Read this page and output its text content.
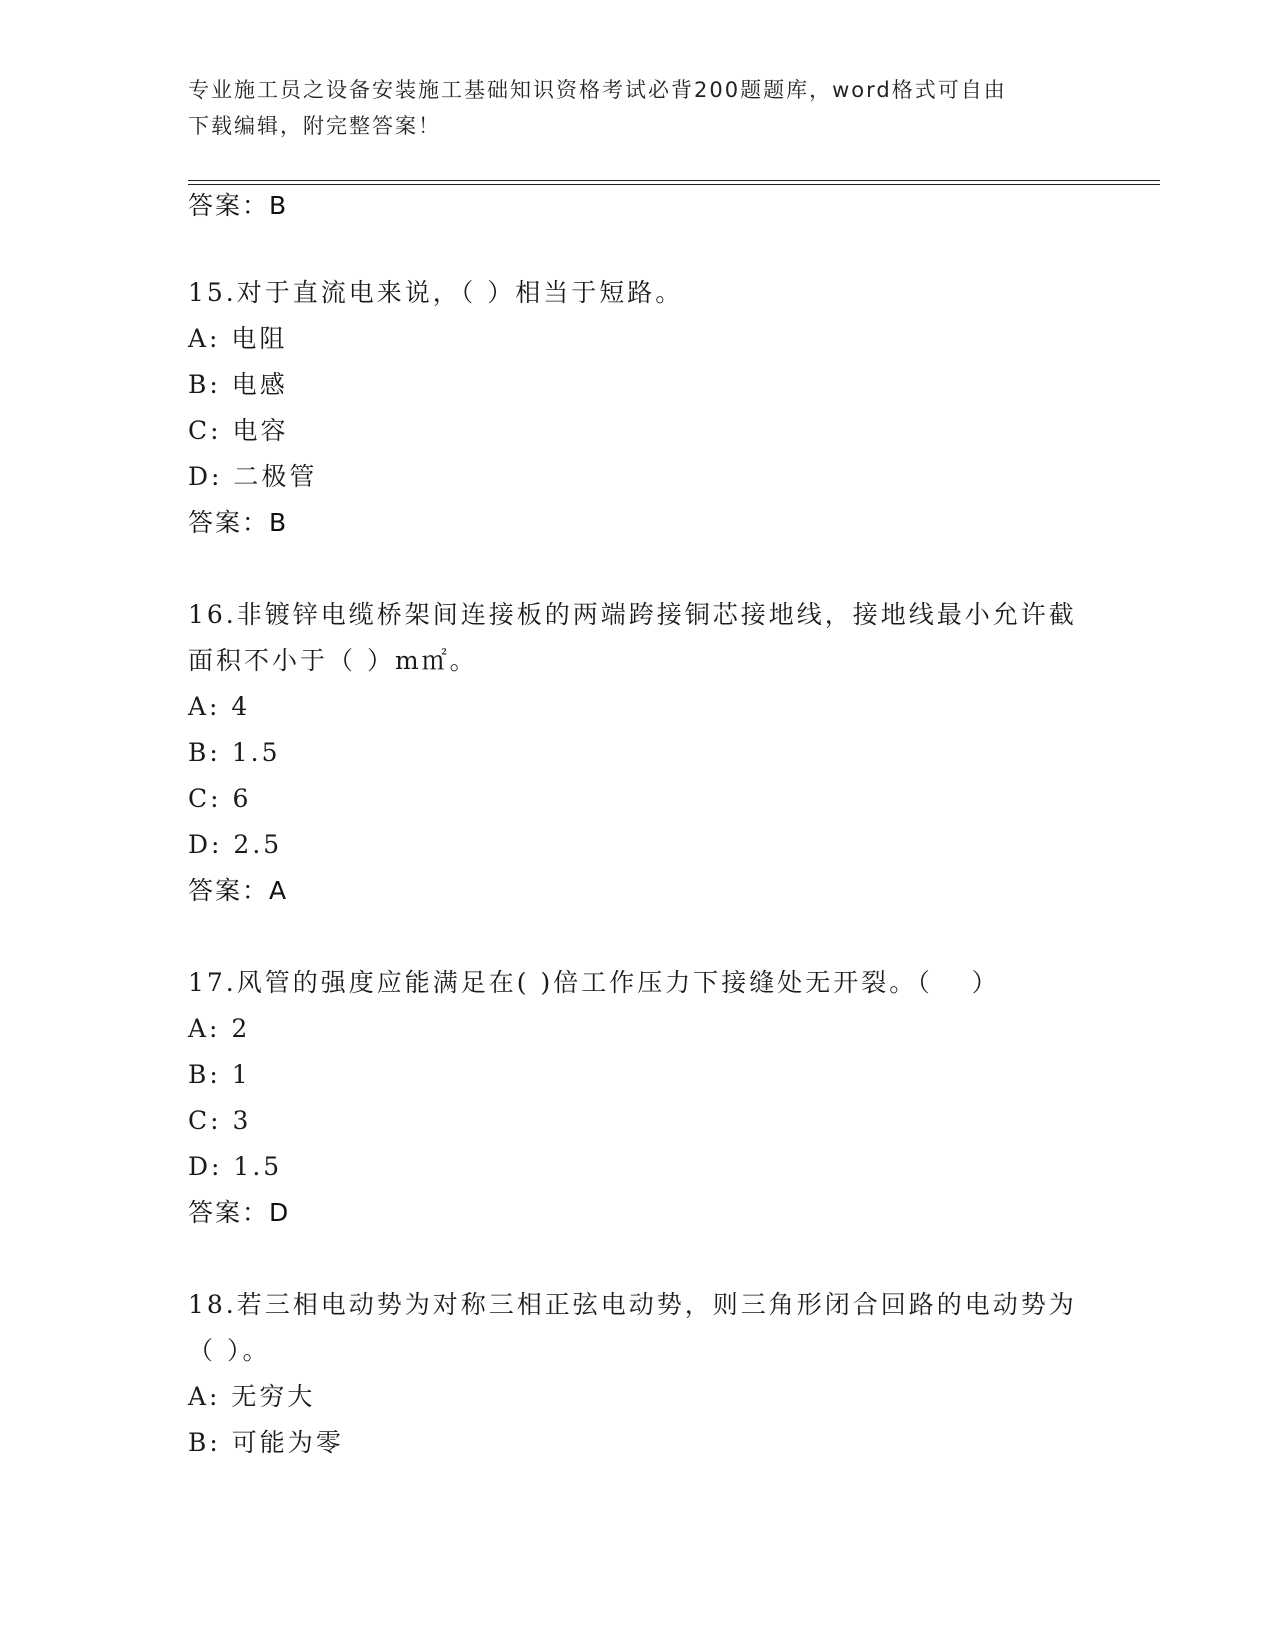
专业施工员之设备安装施工基础知识资格考试必背200题题库，word格式可自由
下载编辑，附完整答案！
答案：B
15.对于直流电来说，（ ）相当于短路。
A: 电阻
B: 电感
C: 电容
D: 二极管
答案：B
16.非镀锌电缆桥架间连接板的两端跨接铜芯接地线，接地线最小允许截面积不小于（ ）m㎡。
A: 4
B: 1.5
C: 6
D: 2.5
答案：A
17.风管的强度应能满足在( )倍工作压力下接缝处无开裂。（　 ）
A: 2
B: 1
C: 3
D: 1.5
答案：D
18.若三相电动势为对称三相正弦电动势，则三角形闭合回路的电动势为（ ）。
A: 无穷大
B: 可能为零
